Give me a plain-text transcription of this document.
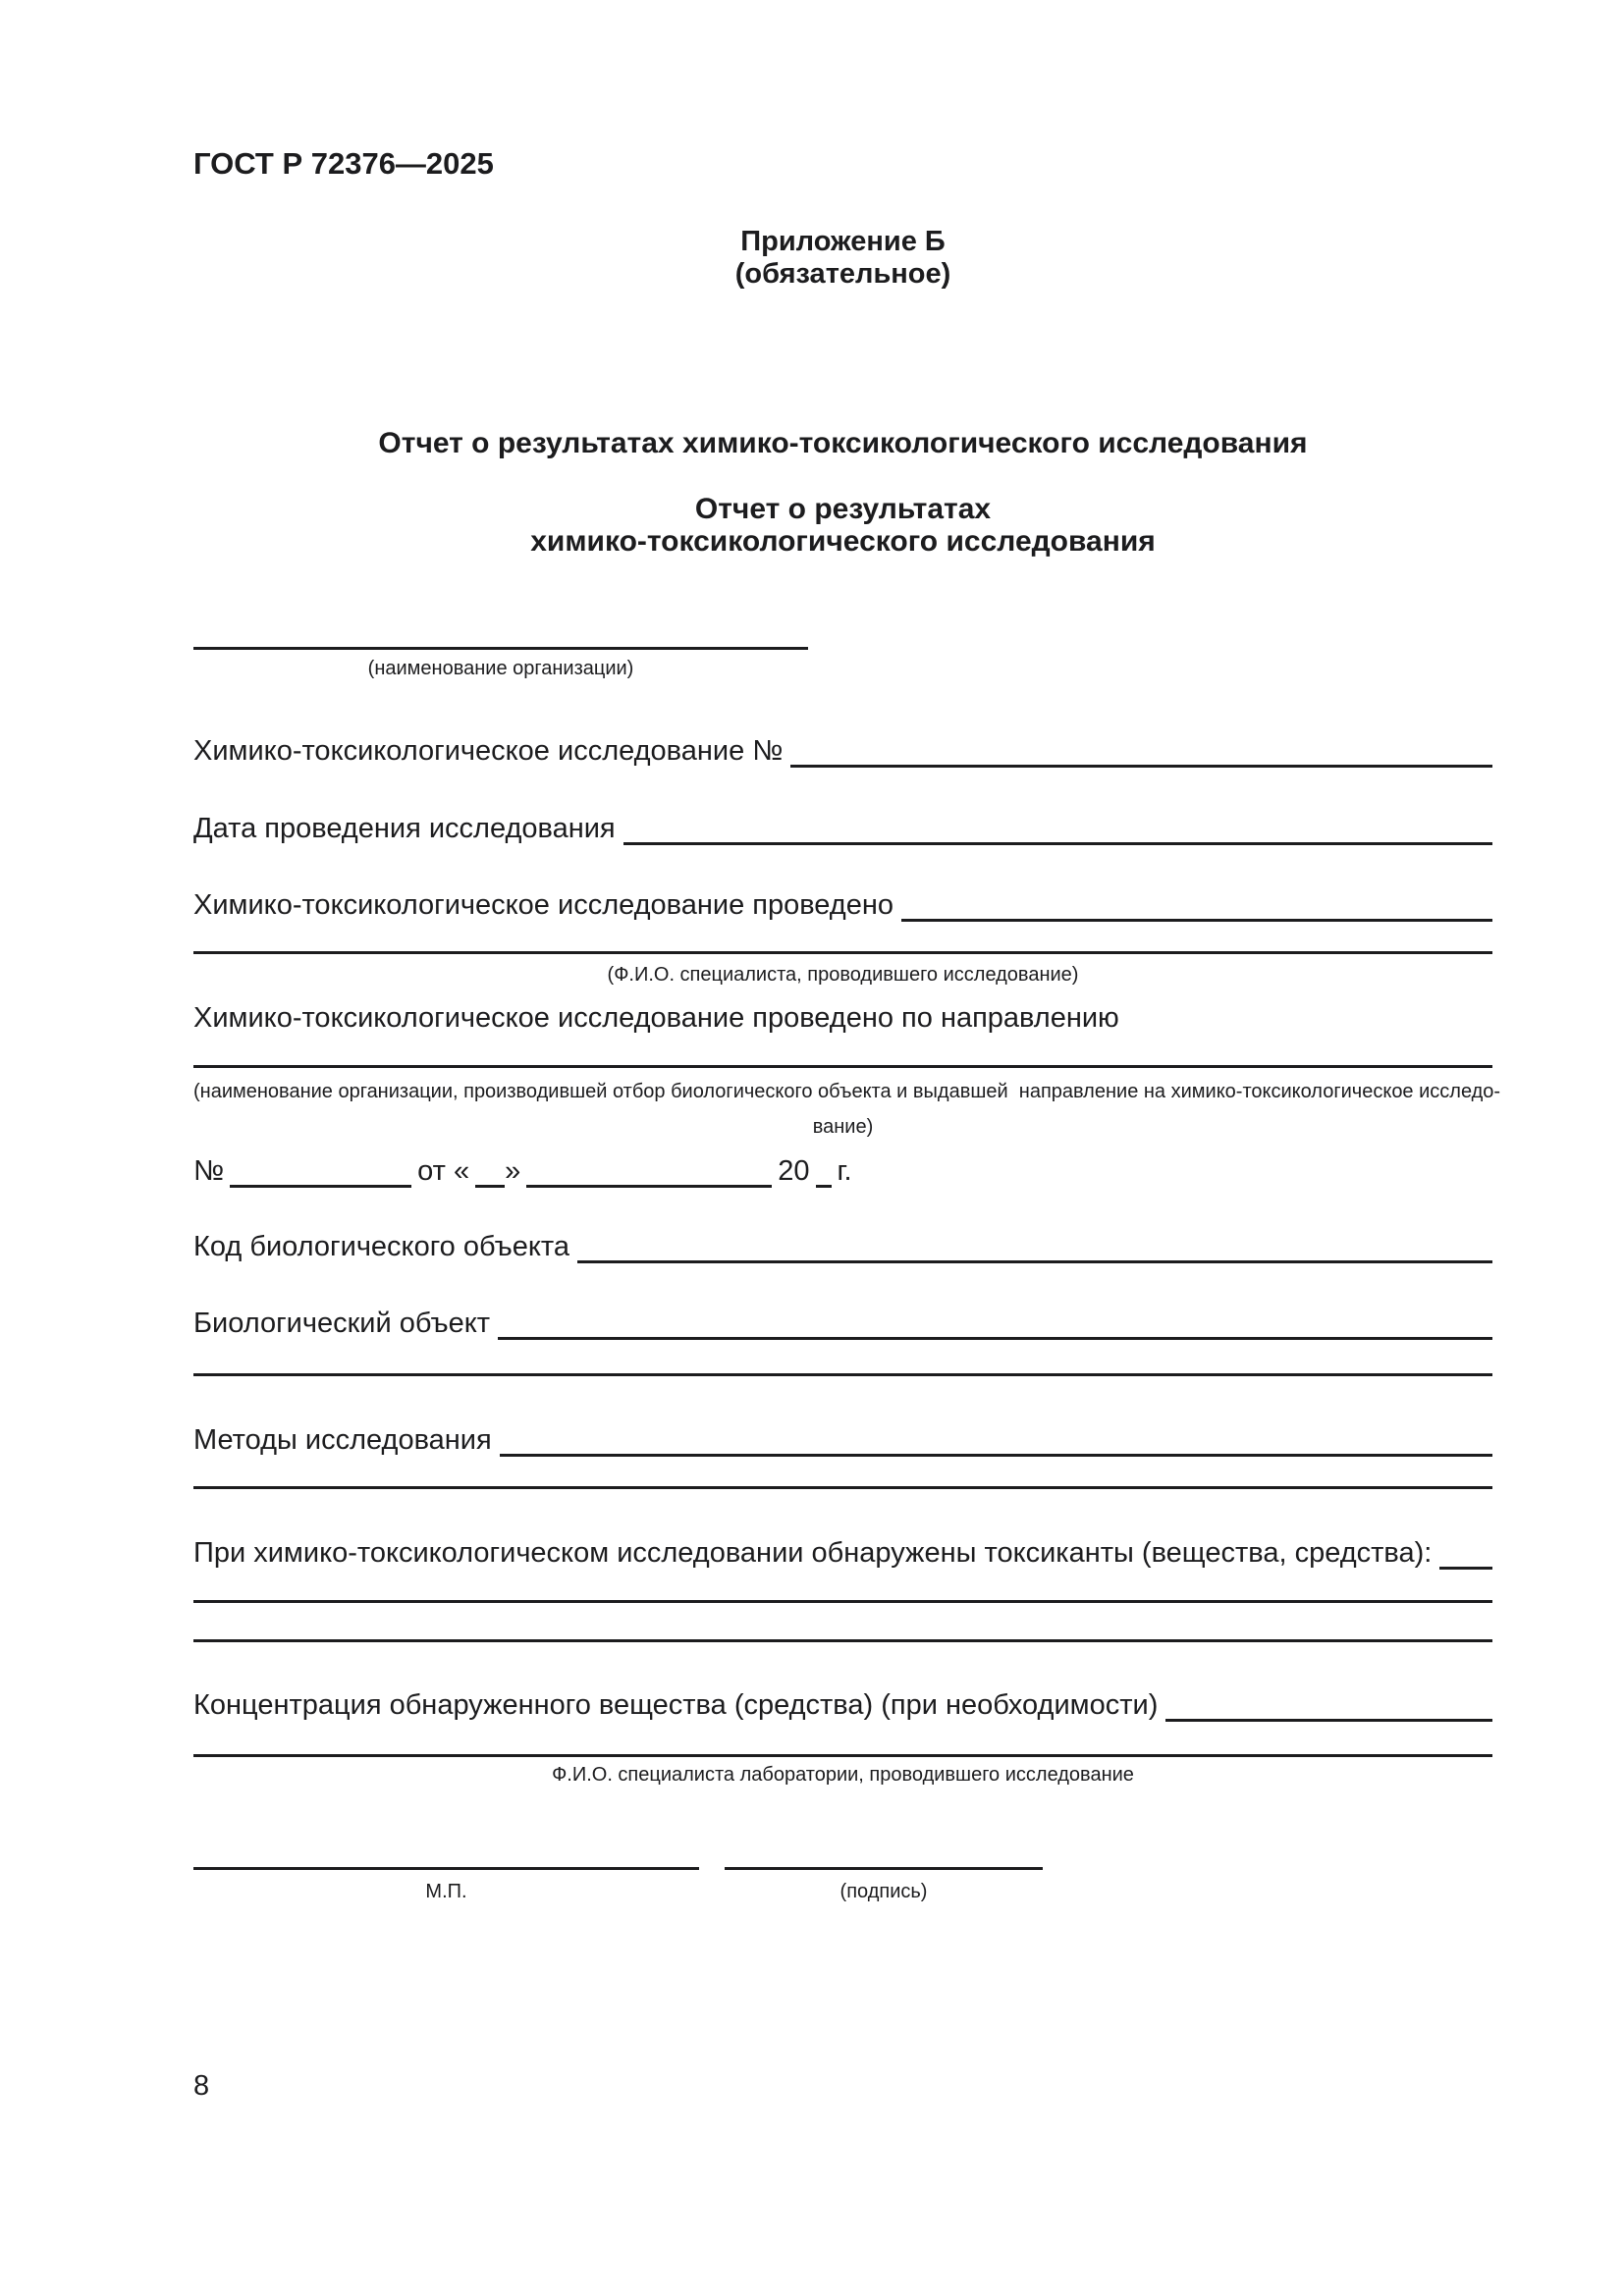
ГОСТ Р 72376—2025
Приложение Б
(обязательное)
Отчет о результатах химико-токсикологического исследования
Отчет о результатах
химико-токсикологического исследования
(наименование организации)
Химико-токсикологическое исследование №
Дата проведения исследования
Химико-токсикологическое исследование проведено
(Ф.И.О. специалиста, проводившего исследование)
Химико-токсикологическое исследование проведено по направлению
(наименование организации, производившей отбор биологического объекта и выдавшей  направление на химико-токсикологическое исследо-
вание)
№	от « »	20 г.
Код биологического объекта
Биологический объект
Методы исследования
При химико-токсикологическом исследовании обнаружены токсиканты (вещества, средства):
Концентрация обнаруженного вещества (средства) (при необходимости)
Ф.И.О. специалиста лаборатории, проводившего исследование
М.П.	(подпись)
8
